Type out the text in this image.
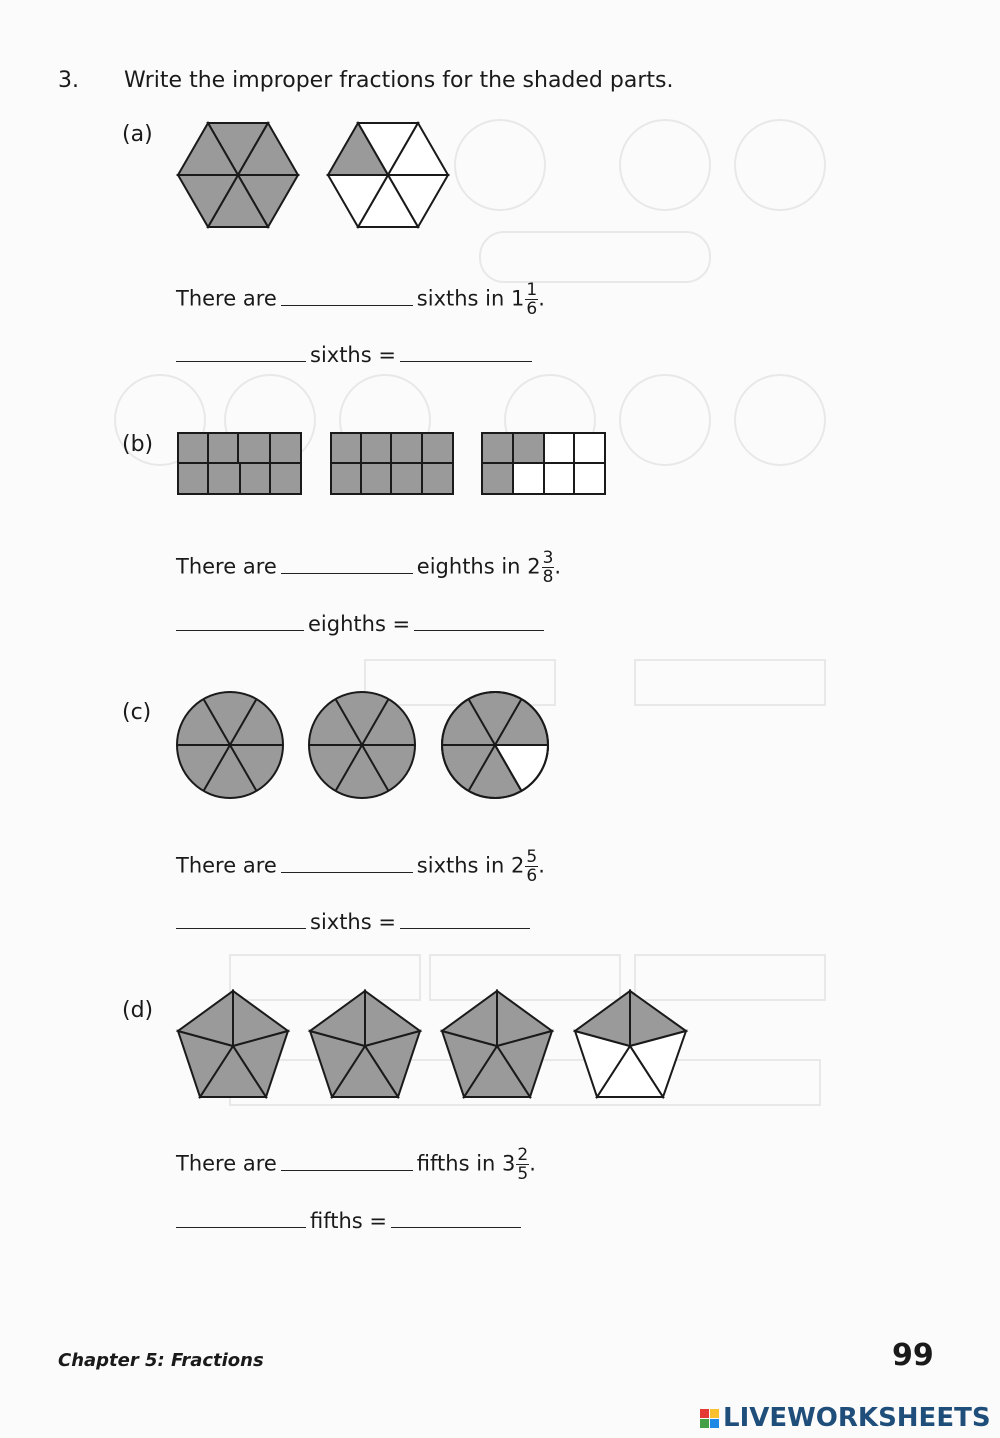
3. Write the improper fractions for the shaded parts.
(a)
There are	sixths in $1 \frac{1}{6}$ .
sixths =
(b)
There are	eighths in $2 \frac{3}{8}$ .
eighths =
(c)
There are	sixths in $2 \frac{5}{6}$ .
sixths =
(d)
There are	fifths in $3 \frac{2}{5}$ .
fifths =
Chapter 5: Fractions	99
LIVEWORKSHEETS
